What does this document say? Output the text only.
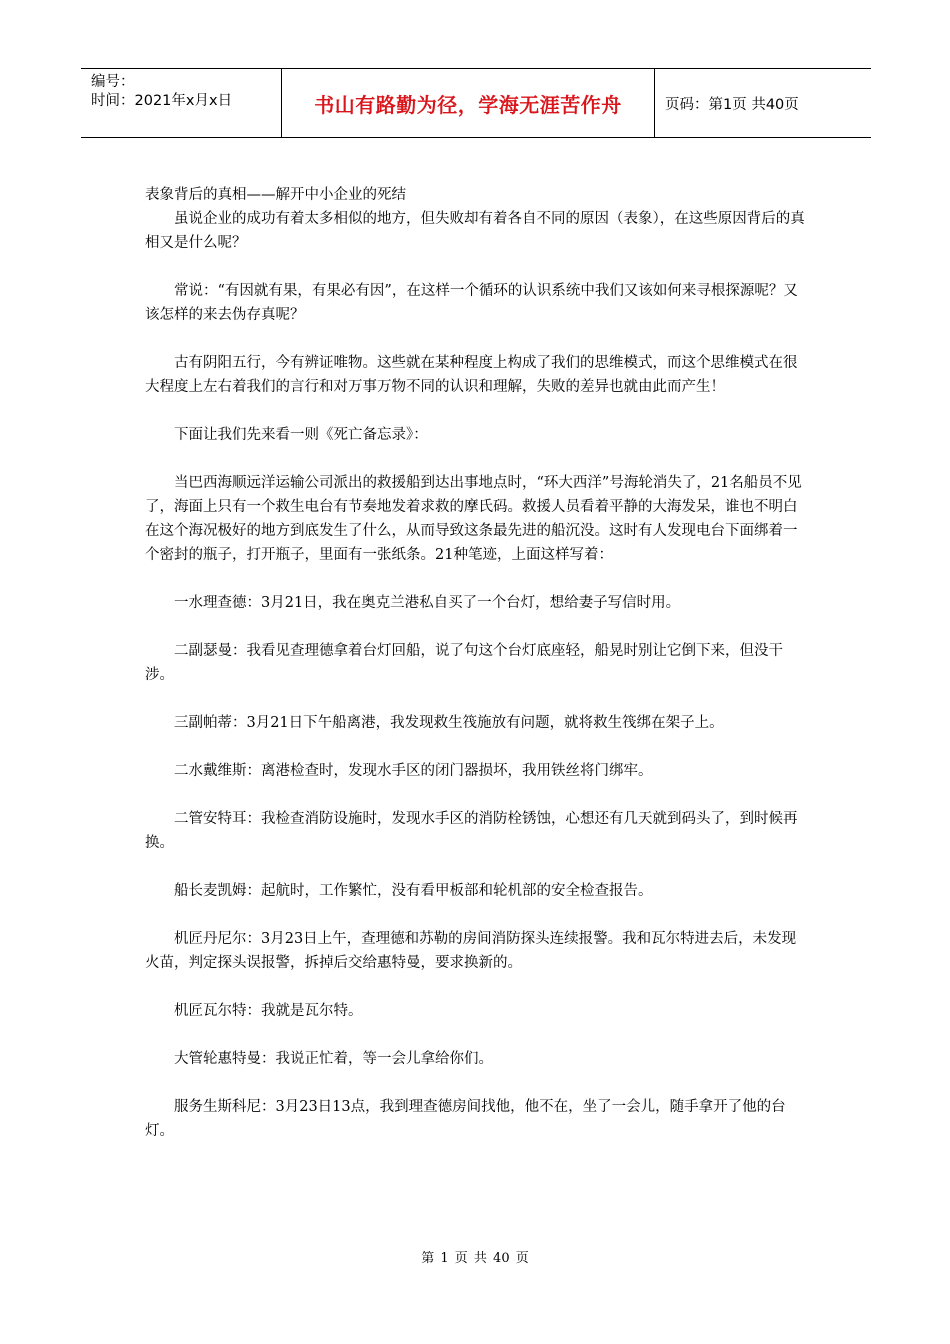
编号：
时间：2021年x月x日	书山有路勤为径，学海无涯苦作舟	页码：第1页 共40页

表象背后的真相——解开中小企业的死结

虽说企业的成功有着太多相似的地方，但失败却有着各自不同的原因（表象），在这些原因背后的真相又是什么呢？

常说：“有因就有果，有果必有因”，在这样一个循环的认识系统中我们又该如何来寻根探源呢？又该怎样的来去伪存真呢？

古有阴阳五行，今有辨证唯物。这些就在某种程度上构成了我们的思维模式，而这个思维模式在很大程度上左右着我们的言行和对万事万物不同的认识和理解，失败的差异也就由此而产生！

下面让我们先来看一则《死亡备忘录》：

当巴西海顺远洋运输公司派出的救援船到达出事地点时，“环大西洋”号海轮消失了，21名船员不见了，海面上只有一个救生电台有节奏地发着求救的摩氏码。救援人员看着平静的大海发呆，谁也不明白在这个海况极好的地方到底发生了什么，从而导致这条最先进的船沉没。这时有人发现电台下面绑着一个密封的瓶子，打开瓶子，里面有一张纸条。21种笔迹，上面这样写着：

一水理查德：3月21日，我在奥克兰港私自买了一个台灯，想给妻子写信时用。

二副瑟曼：我看见查理德拿着台灯回船，说了句这个台灯底座轻，船晃时别让它倒下来，但没干涉。

三副帕蒂：3月21日下午船离港，我发现救生筏施放有问题，就将救生筏绑在架子上。

二水戴维斯：离港检查时，发现水手区的闭门器损坏，我用铁丝将门绑牢。

二管安特耳：我检查消防设施时，发现水手区的消防栓锈蚀，心想还有几天就到码头了，到时候再换。

船长麦凯姆：起航时，工作繁忙，没有看甲板部和轮机部的安全检查报告。

机匠丹尼尔：3月23日上午，查理德和苏勒的房间消防探头连续报警。我和瓦尔特进去后，未发现火苗，判定探头误报警，拆掉后交给惠特曼，要求换新的。

机匠瓦尔特：我就是瓦尔特。

大管轮惠特曼：我说正忙着，等一会儿拿给你们。

服务生斯科尼：3月23日13点，我到理查德房间找他，他不在，坐了一会儿，随手拿开了他的台灯。

第 1 页 共 40 页
